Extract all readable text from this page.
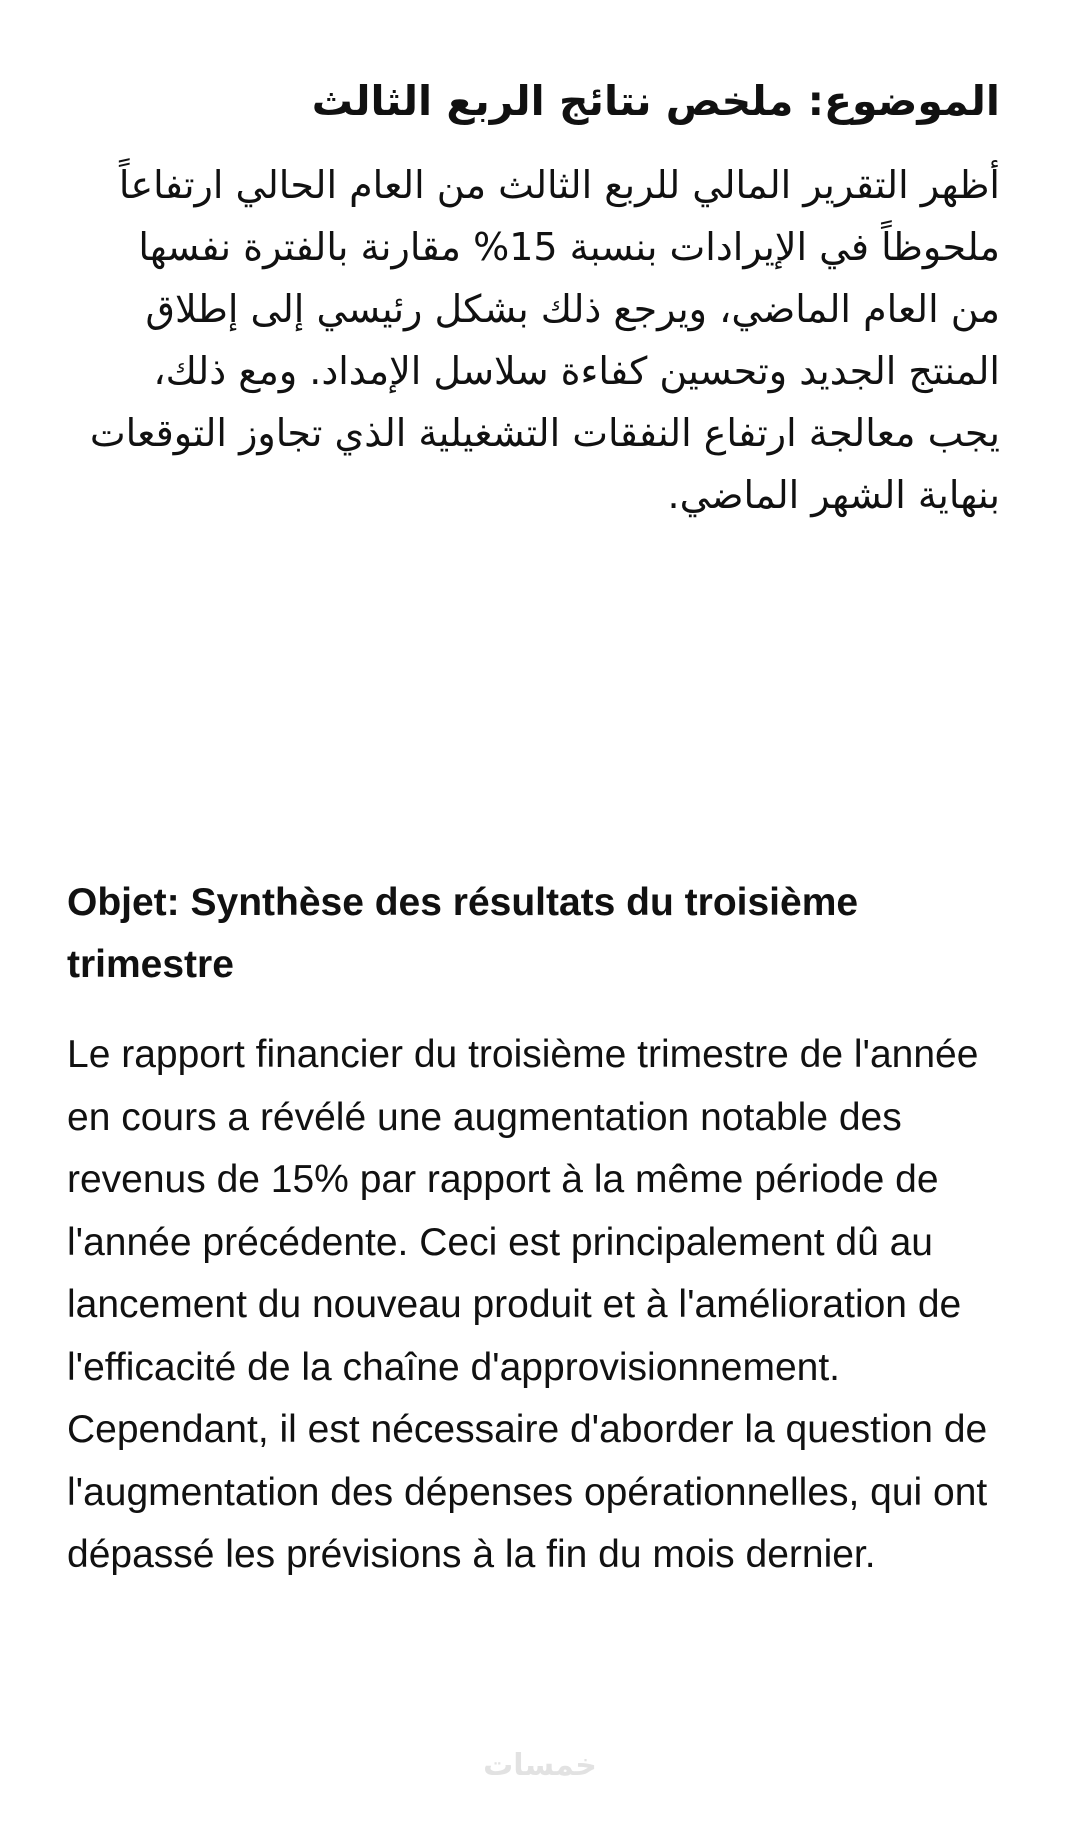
الموضوع: ملخص نتائج الربع الثالث

أظهر التقرير المالي للربع الثالث من العام الحالي ارتفاعاً ملحوظاً في الإيرادات بنسبة 15% مقارنة بالفترة نفسها من العام الماضي، ويرجع ذلك بشكل رئيسي إلى إطلاق المنتج الجديد وتحسين كفاءة سلاسل الإمداد. ومع ذلك، يجب معالجة ارتفاع النفقات التشغيلية الذي تجاوز التوقعات بنهاية الشهر الماضي.

Objet: Synthèse des résultats du troisième trimestre

Le rapport financier du troisième trimestre de l'année en cours a révélé une augmentation notable des revenus de 15% par rapport à la même période de l'année précédente. Ceci est principalement dû au lancement du nouveau produit et à l'amélioration de l'efficacité de la chaîne d'approvisionnement. Cependant, il est nécessaire d'aborder la question de l'augmentation des dépenses opérationnelles, qui ont dépassé les prévisions à la fin du mois dernier.

خمسات
